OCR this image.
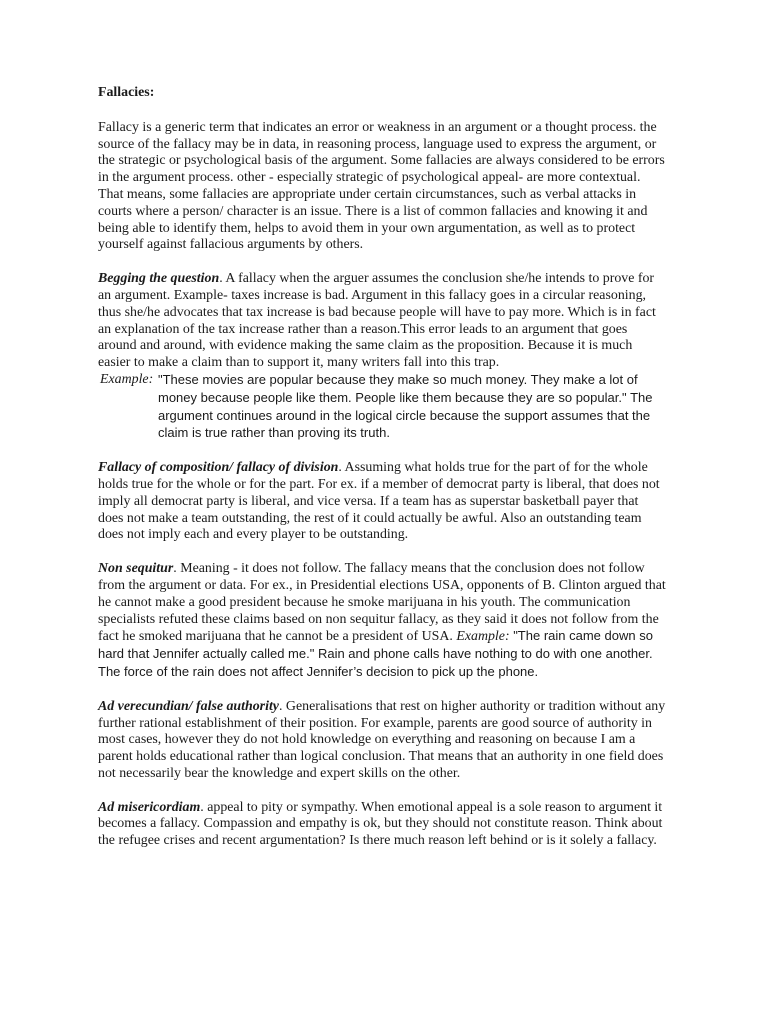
Fallacies:

Fallacy is a generic term that indicates an error or weakness in an argument or a thought process. the source of the fallacy may be in data, in reasoning process, language used to express the argument, or the strategic or psychological basis of the argument. Some fallacies are always considered to be errors in the argument process. other - especially strategic of psychological appeal- are more contextual. That means, some fallacies are appropriate under certain circumstances, such as verbal attacks in courts where a person/ character is an issue. There is a list of common fallacies and knowing it and being able to identify them, helps to avoid them in your own argumentation, as well as to protect yourself against fallacious arguments by others.

Begging the question. A fallacy when the arguer assumes the conclusion she/he intends to prove for an argument. Example- taxes increase is bad. Argument in this fallacy goes in a circular reasoning, thus she/he advocates that tax increase is bad because people will have to pay more. Which is in fact an explanation of the tax increase rather than a reason.This error leads to an argument that goes around and around, with evidence making the same claim as the proposition. Because it is much easier to make a claim than to support it, many writers fall into this trap.

Example: "These movies are popular because they make so much money. They make a lot of money because people like them. People like them because they are so popular." The argument continues around in the logical circle because the support assumes that the claim is true rather than proving its truth.

Fallacy of composition/ fallacy of division. Assuming what holds true for the part of for the whole holds true for the whole or for the part. For ex. if a member of democrat party is liberal, that does not imply all democrat party is liberal, and vice versa. If a team has as superstar basketball payer that does not make a team outstanding, the rest of it could actually be awful. Also an outstanding team does not imply each and every player to be outstanding.

Non sequitur. Meaning - it does not follow. The fallacy means that the conclusion does not follow from the argument or data. For ex., in Presidential elections USA, opponents of B. Clinton argued that he cannot make a good president because he smoke marijuana in his youth. The communication specialists refuted these claims based on non sequitur fallacy, as they said it does not follow from the fact he smoked marijuana that he cannot be a president of USA. Example: "The rain came down so hard that Jennifer actually called me." Rain and phone calls have nothing to do with one another. The force of the rain does not affect Jennifer’s decision to pick up the phone.

Ad verecundian/ false authority. Generalisations that rest on higher authority or tradition without any further rational establishment of their position. For example, parents are good source of authority in most cases, however they do not hold knowledge on everything and reasoning on because I am a parent holds educational rather than logical conclusion. That means that an authority in one field does not necessarily bear the knowledge and expert skills on the other.

Ad misericordiam. appeal to pity or sympathy. When emotional appeal is a sole reason to argument it becomes a fallacy. Compassion and empathy is ok, but they should not constitute reason. Think about the refugee crises and recent argumentation? Is there much reason left behind or is it solely a fallacy.
